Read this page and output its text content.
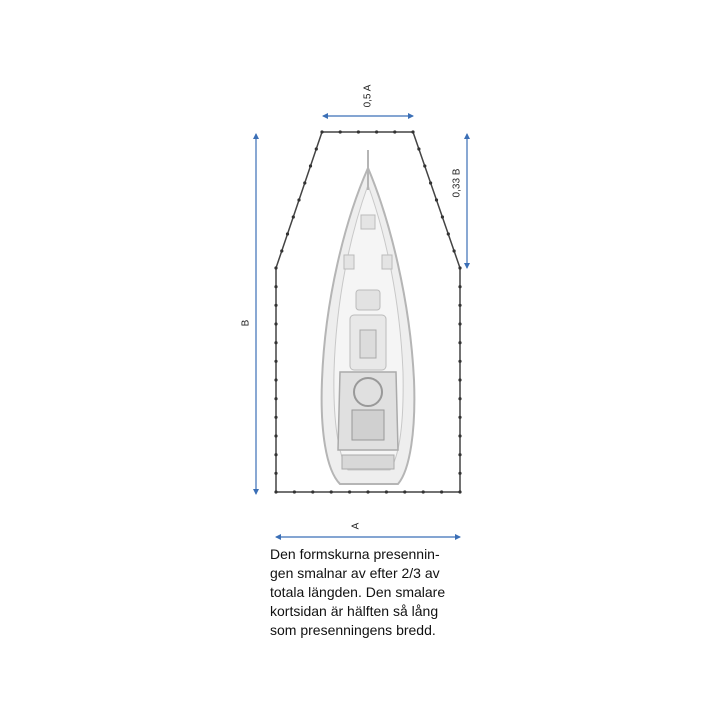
0,5 A
0,33 B
B
A
Den formskurna presennin-
gen smalnar av efter 2/3 av
totala längden. Den smalare
kortsidan är hälften så lång
som presenningens bredd.
